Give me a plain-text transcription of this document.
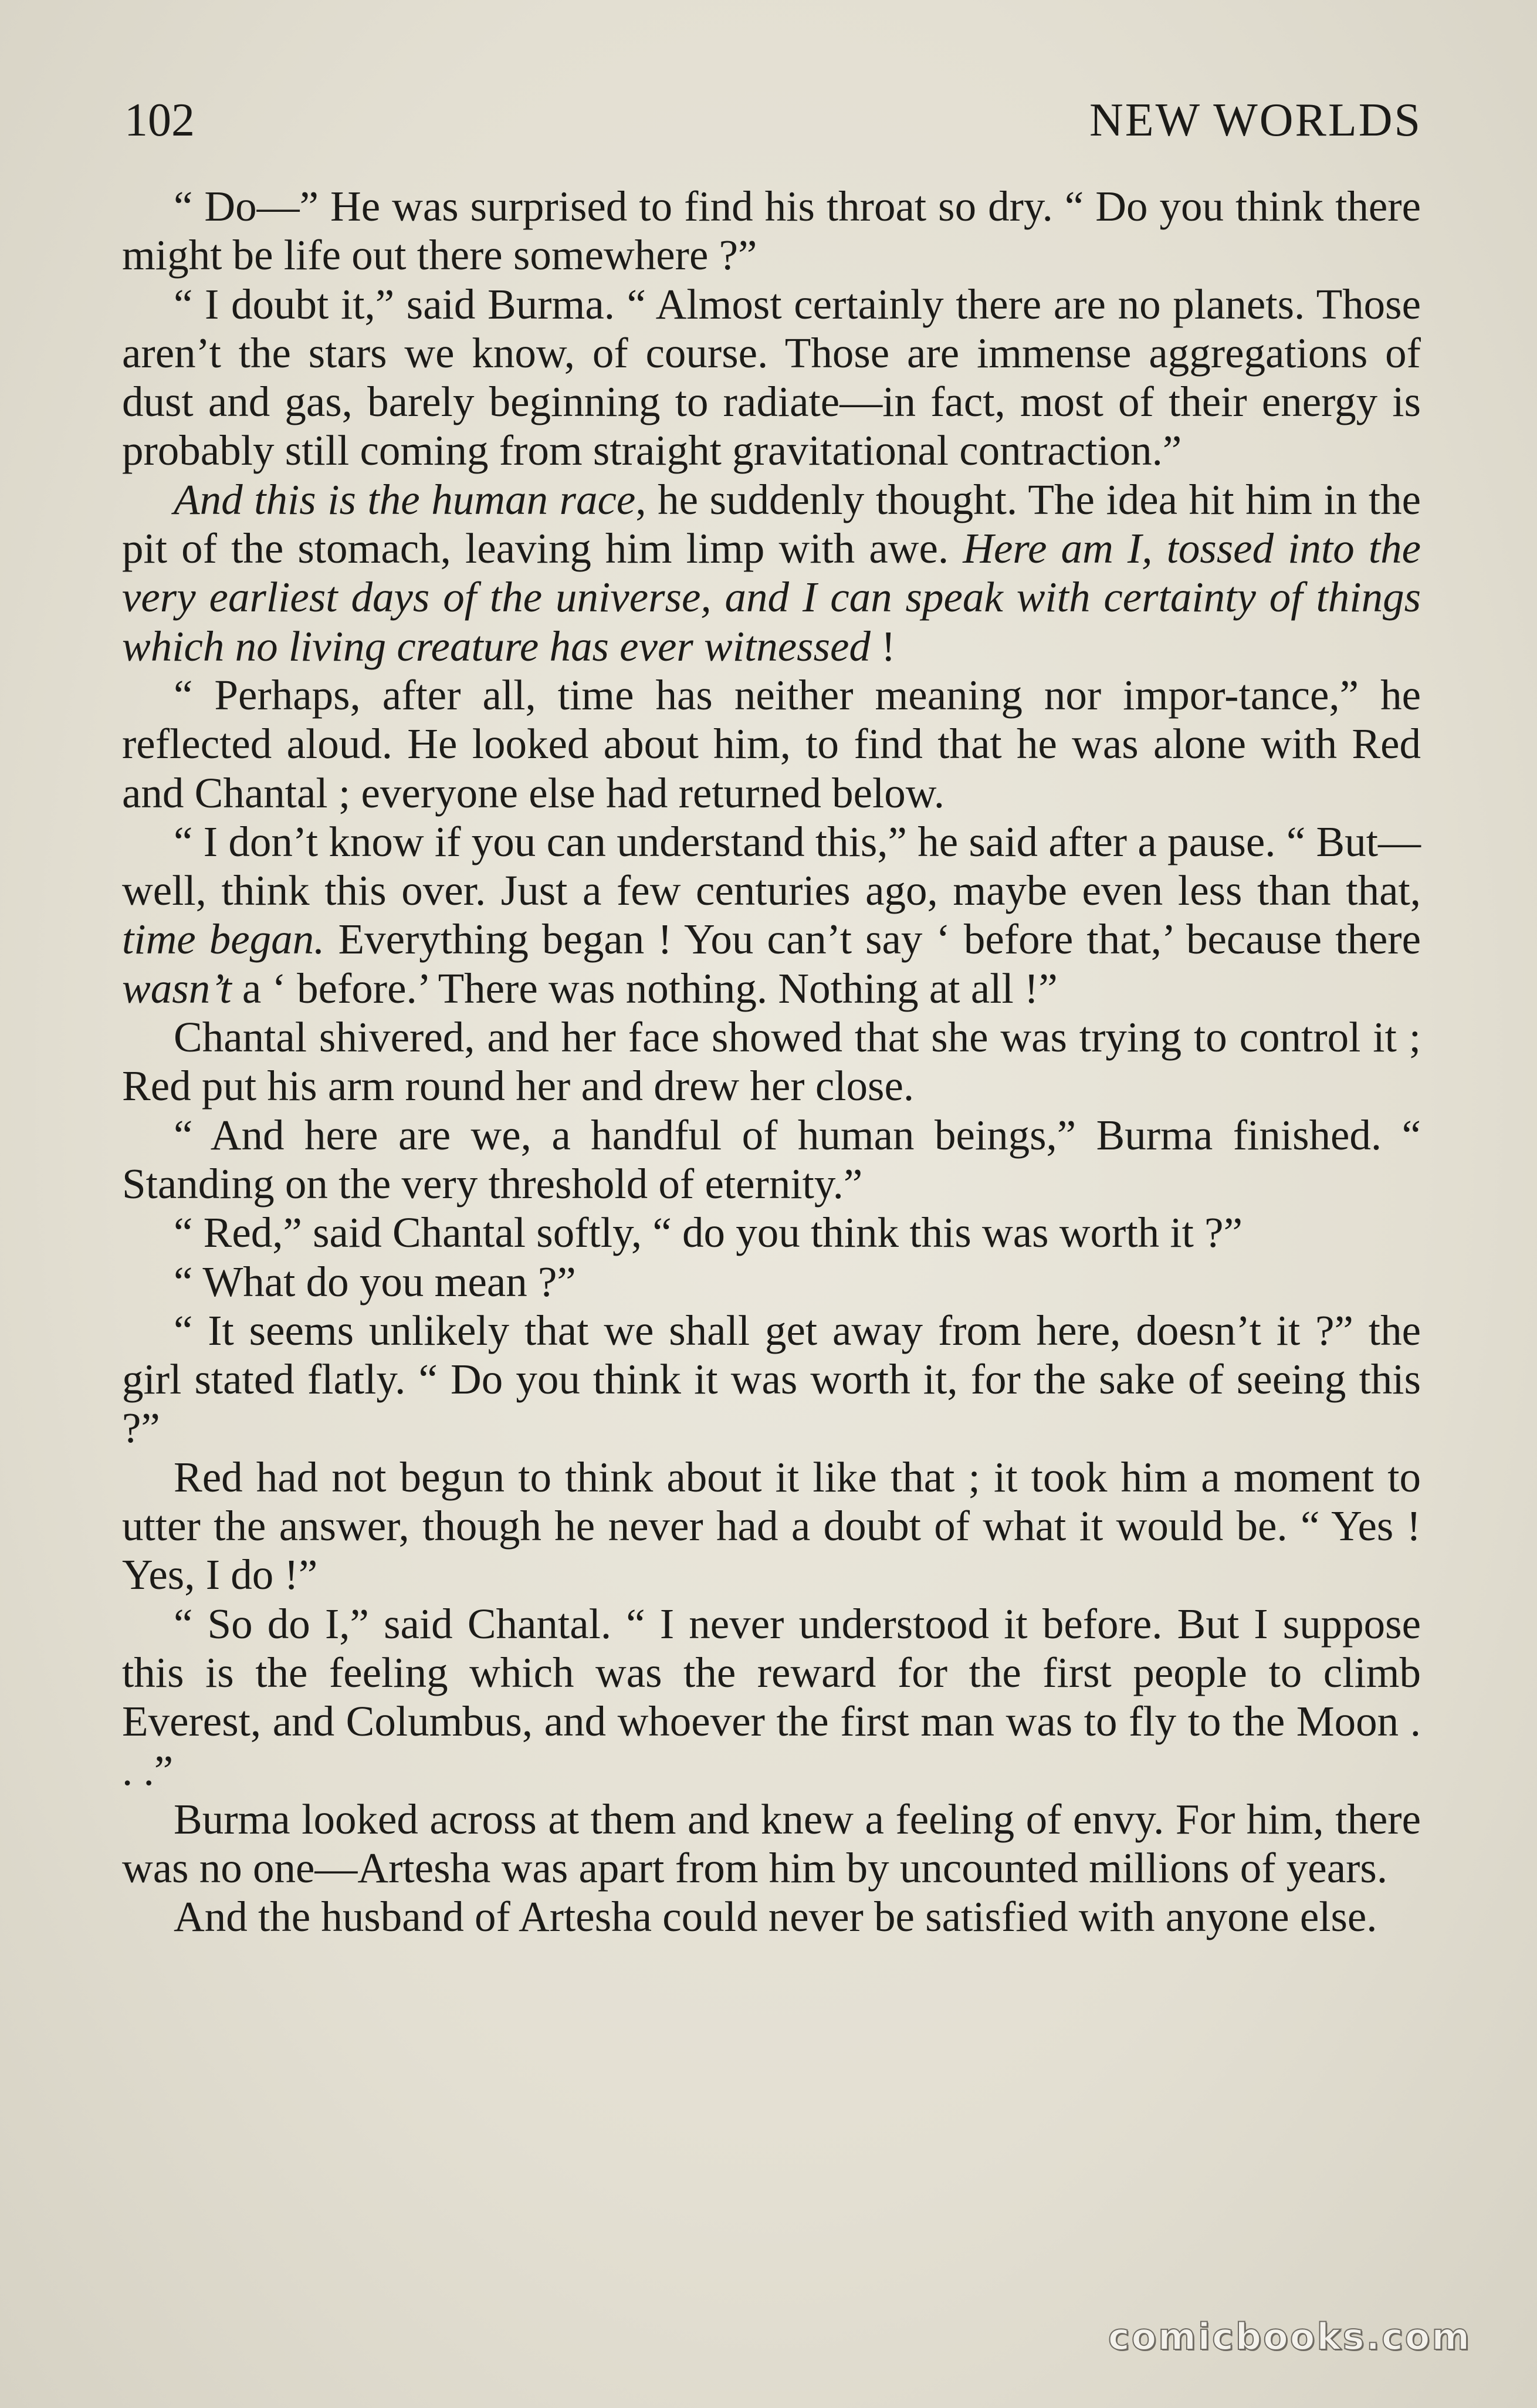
102	NEW WORLDS

“ Do—” He was surprised to find his throat so dry. “ Do you think there might be life out there somewhere ?”

“ I doubt it,” said Burma. “ Almost certainly there are no planets. Those aren’t the stars we know, of course. Those are immense aggregations of dust and gas, barely beginning to radiate—in fact, most of their energy is probably still coming from straight gravitational contraction.”

And this is the human race, he suddenly thought. The idea hit him in the pit of the stomach, leaving him limp with awe. Here am I, tossed into the very earliest days of the universe, and I can speak with certainty of things which no living creature has ever witnessed !

“ Perhaps, after all, time has neither meaning nor impor-tance,” he reflected aloud. He looked about him, to find that he was alone with Red and Chantal ; everyone else had returned below.

“ I don’t know if you can understand this,” he said after a pause. “ But—well, think this over. Just a few centuries ago, maybe even less than that, time began. Everything began ! You can’t say ‘ before that,’ because there wasn’t a ‘ before.’ There was nothing. Nothing at all !”

Chantal shivered, and her face showed that she was trying to control it ; Red put his arm round her and drew her close.

“ And here are we, a handful of human beings,” Burma finished. “ Standing on the very threshold of eternity.”

“ Red,” said Chantal softly, “ do you think this was worth it ?”

“ What do you mean ?”

“ It seems unlikely that we shall get away from here, doesn’t it ?” the girl stated flatly. “ Do you think it was worth it, for the sake of seeing this ?”

Red had not begun to think about it like that ; it took him a moment to utter the answer, though he never had a doubt of what it would be. “ Yes ! Yes, I do !”

“ So do I,” said Chantal. “ I never understood it before. But I suppose this is the feeling which was the reward for the first people to climb Everest, and Columbus, and whoever the first man was to fly to the Moon . . .”

Burma looked across at them and knew a feeling of envy. For him, there was no one—Artesha was apart from him by uncounted millions of years.

And the husband of Artesha could never be satisfied with anyone else.

comicbooks.com
